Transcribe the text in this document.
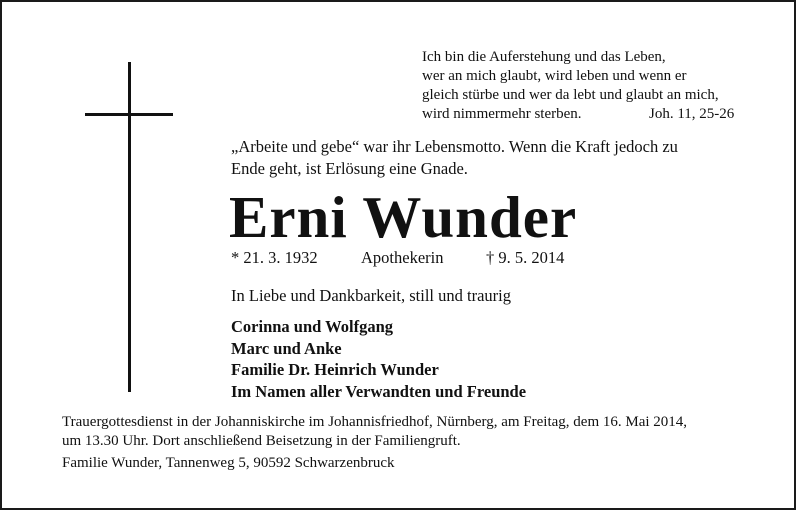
Ich bin die Auferstehung und das Leben,
wer an mich glaubt, wird leben und wenn er
gleich stürbe und wer da lebt und glaubt an mich,
wird nimmermehr sterben.	Joh. 11, 25-26
„Arbeite und gebe“ war ihr Lebensmotto. Wenn die Kraft jedoch zu
Ende geht, ist Erlösung eine Gnade.
Erni Wunder
* 21. 3. 1932	Apothekerin	† 9. 5. 2014
In Liebe und Dankbarkeit, still und traurig
Corinna und Wolfgang
Marc und Anke
Familie Dr. Heinrich Wunder
Im Namen aller Verwandten und Freunde
Trauergottesdienst in der Johanniskirche im Johannisfriedhof, Nürnberg, am Freitag, dem 16. Mai 2014,
um 13.30 Uhr. Dort anschließend Beisetzung in der Familiengruft.
Familie Wunder, Tannenweg 5, 90592 Schwarzenbruck
